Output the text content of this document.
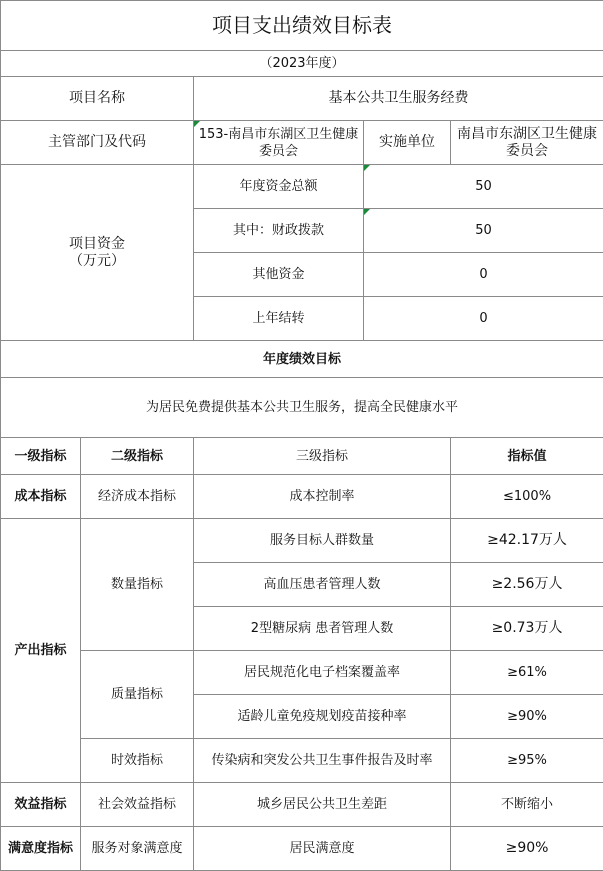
项目支出绩效目标表				
（2023年度）				
项目名称		基本公共卫生服务经费		
主管部门及代码		153-南昌市东湖区卫生健康委员会	实施单位	南昌市东湖区卫生健康委员会

项目资金
（万元）		年度资金总额	50	
		其中：财政拨款	50	
		其他资金	0	
		上年结转	0	
年度绩效目标				
为居民免费提供基本公共卫生服务，提高全民健康水平				
一级指标	二级指标	三级指标		指标值
成本指标	经济成本指标	成本控制率		≤100%
产出指标	数量指标	服务目标人群数量		≥42.17万人
		高血压患者管理人数		≥2.56万人
		2型糖尿病 患者管理人数		≥0.73万人
	质量指标	居民规范化电子档案覆盖率		≥61%
		适龄儿童免疫规划疫苗接种率		≥90%
	时效指标	传染病和突发公共卫生事件报告及时率		≥95%
效益指标	社会效益指标	城乡居民公共卫生差距		不断缩小
满意度指标	服务对象满意度	居民满意度		≥90%
